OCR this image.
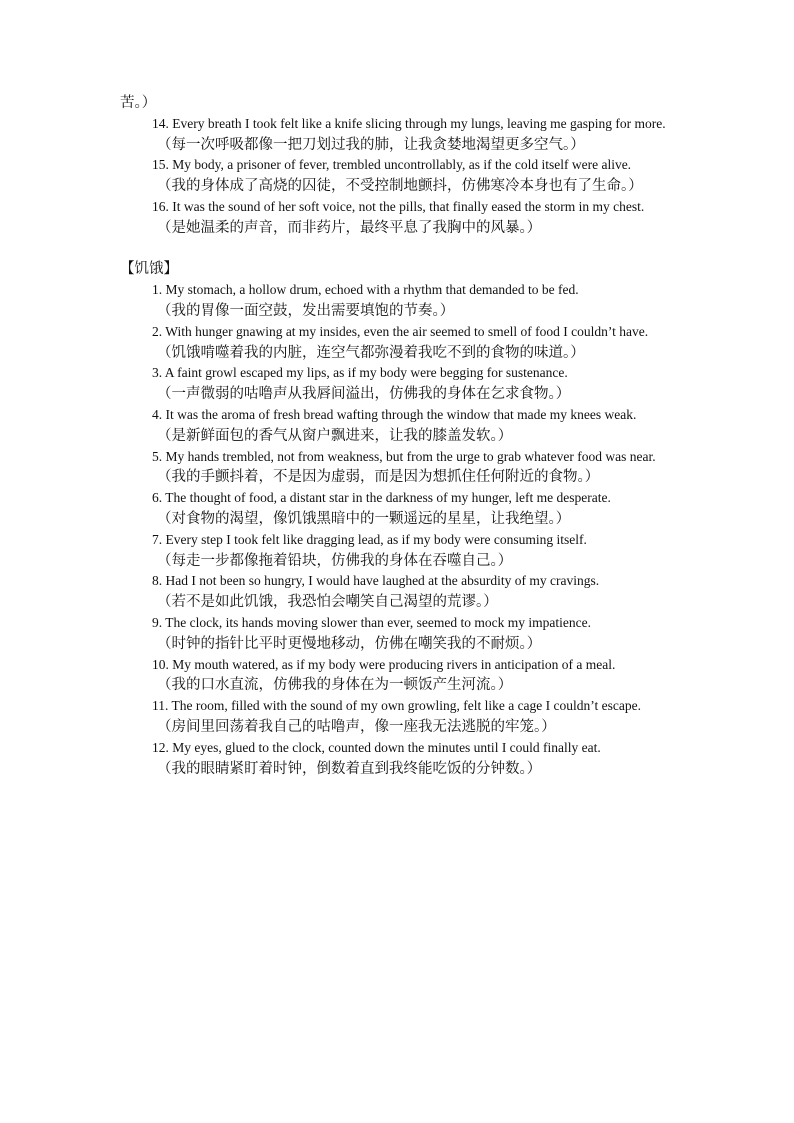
苦。）

14. Every breath I took felt like a knife slicing through my lungs, leaving me gasping for more.

（每一次呼吸都像一把刀划过我的肺，让我贪婪地渴望更多空气。）

15. My body, a prisoner of fever, trembled uncontrollably, as if the cold itself were alive.

（我的身体成了高烧的囚徒，不受控制地颤抖，仿佛寒冷本身也有了生命。）

16. It was the sound of her soft voice, not the pills, that finally eased the storm in my chest.

（是她温柔的声音，而非药片，最终平息了我胸中的风暴。）

【饥饿】

1. My stomach, a hollow drum, echoed with a rhythm that demanded to be fed.

（我的胃像一面空鼓，发出需要填饱的节奏。）

2. With hunger gnawing at my insides, even the air seemed to smell of food I couldn’t have.

（饥饿啃噬着我的内脏，连空气都弥漫着我吃不到的食物的味道。）

3. A faint growl escaped my lips, as if my body were begging for sustenance.

（一声微弱的咕噜声从我唇间溢出，仿佛我的身体在乞求食物。）

4. It was the aroma of fresh bread wafting through the window that made my knees weak.

（是新鲜面包的香气从窗户飘进来，让我的膝盖发软。）

5. My hands trembled, not from weakness, but from the urge to grab whatever food was near.

（我的手颤抖着，不是因为虚弱，而是因为想抓住任何附近的食物。）

6. The thought of food, a distant star in the darkness of my hunger, left me desperate.

（对食物的渴望，像饥饿黑暗中的一颗遥远的星星，让我绝望。）

7. Every step I took felt like dragging lead, as if my body were consuming itself.

（每走一步都像拖着铅块，仿佛我的身体在吞噬自己。）

8. Had I not been so hungry, I would have laughed at the absurdity of my cravings.

（若不是如此饥饿，我恐怕会嘲笑自己渴望的荒谬。）

9. The clock, its hands moving slower than ever, seemed to mock my impatience.

（时钟的指针比平时更慢地移动，仿佛在嘲笑我的不耐烦。）

10. My mouth watered, as if my body were producing rivers in anticipation of a meal.

（我的口水直流，仿佛我的身体在为一顿饭产生河流。）

11. The room, filled with the sound of my own growling, felt like a cage I couldn’t escape.

（房间里回荡着我自己的咕噜声，像一座我无法逃脱的牢笼。）

12. My eyes, glued to the clock, counted down the minutes until I could finally eat.

（我的眼睛紧盯着时钟，倒数着直到我终能吃饭的分钟数。）
